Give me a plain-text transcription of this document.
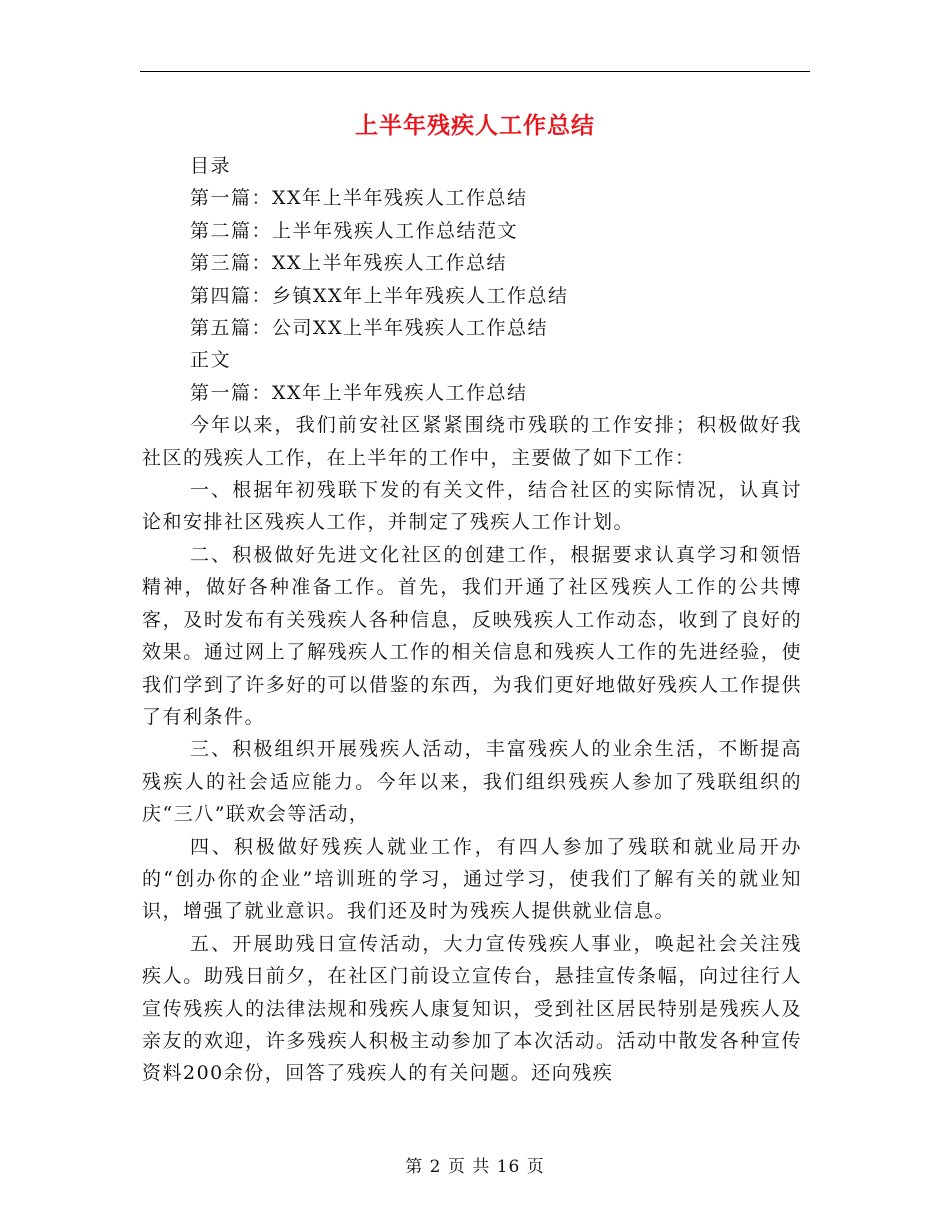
上半年残疾人工作总结

目录

第一篇：XX年上半年残疾人工作总结

第二篇：上半年残疾人工作总结范文

第三篇：XX上半年残疾人工作总结

第四篇：乡镇XX年上半年残疾人工作总结

第五篇：公司XX上半年残疾人工作总结

正文

第一篇：XX年上半年残疾人工作总结

今年以来，我们前安社区紧紧围绕市残联的工作安排；积极做好我社区的残疾人工作，在上半年的工作中，主要做了如下工作：

一、根据年初残联下发的有关文件，结合社区的实际情况，认真讨论和安排社区残疾人工作，并制定了残疾人工作计划。

二、积极做好先进文化社区的创建工作，根据要求认真学习和领悟精神，做好各种准备工作。首先，我们开通了社区残疾人工作的公共博客，及时发布有关残疾人各种信息，反映残疾人工作动态，收到了良好的效果。通过网上了解残疾人工作的相关信息和残疾人工作的先进经验，使我们学到了许多好的可以借鉴的东西，为我们更好地做好残疾人工作提供了有利条件。

三、积极组织开展残疾人活动，丰富残疾人的业余生活，不断提高残疾人的社会适应能力。今年以来，我们组织残疾人参加了残联组织的庆“三八”联欢会等活动，

四、积极做好残疾人就业工作，有四人参加了残联和就业局开办的“创办你的企业”培训班的学习，通过学习，使我们了解有关的就业知识，增强了就业意识。我们还及时为残疾人提供就业信息。

五、开展助残日宣传活动，大力宣传残疾人事业，唤起社会关注残疾人。助残日前夕，在社区门前设立宣传台，悬挂宣传条幅，向过往行人宣传残疾人的法律法规和残疾人康复知识，受到社区居民特别是残疾人及亲友的欢迎，许多残疾人积极主动参加了本次活动。活动中散发各种宣传资料200余份，回答了残疾人的有关问题。还向残疾

第 2 页 共 16 页
